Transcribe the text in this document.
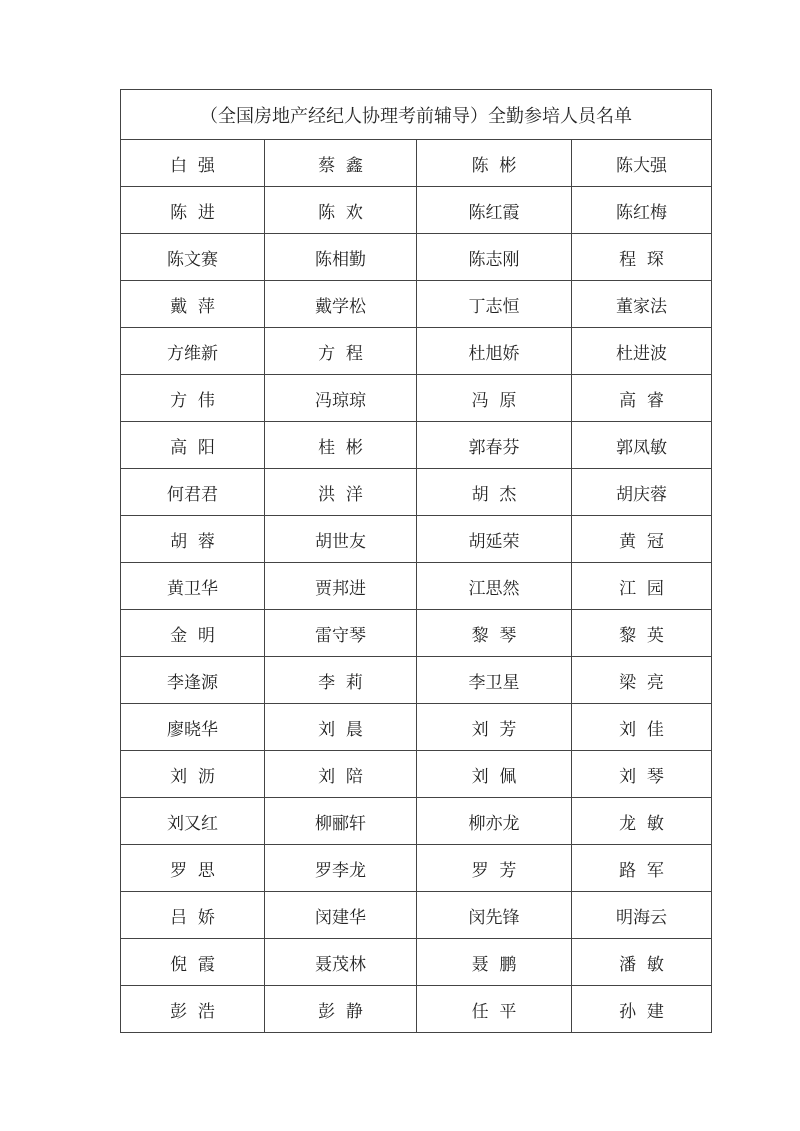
（全国房地产经纪人协理考前辅导）全勤参培人员名单			
白  强	蔡  鑫	陈  彬	陈大强
陈  进	陈  欢	陈红霞	陈红梅
陈文赛	陈相勤	陈志刚	程  琛
戴  萍	戴学松	丁志恒	董家法
方维新	方  程	杜旭娇	杜进波
方  伟	冯琼琼	冯  原	高  睿
高  阳	桂  彬	郭春芬	郭凤敏
何君君	洪  洋	胡  杰	胡庆蓉
胡  蓉	胡世友	胡延荣	黄  冠
黄卫华	贾邦进	江思然	江  园
金  明	雷守琴	黎  琴	黎  英
李逢源	李  莉	李卫星	梁  亮
廖晓华	刘  晨	刘  芳	刘  佳
刘  沥	刘  陪	刘  佩	刘  琴
刘又红	柳郦轩	柳亦龙	龙  敏
罗  思	罗李龙	罗  芳	路  军
吕  娇	闵建华	闵先锋	明海云
倪  霞	聂茂林	聂  鹏	潘  敏
彭  浩	彭  静	任  平	孙  建
